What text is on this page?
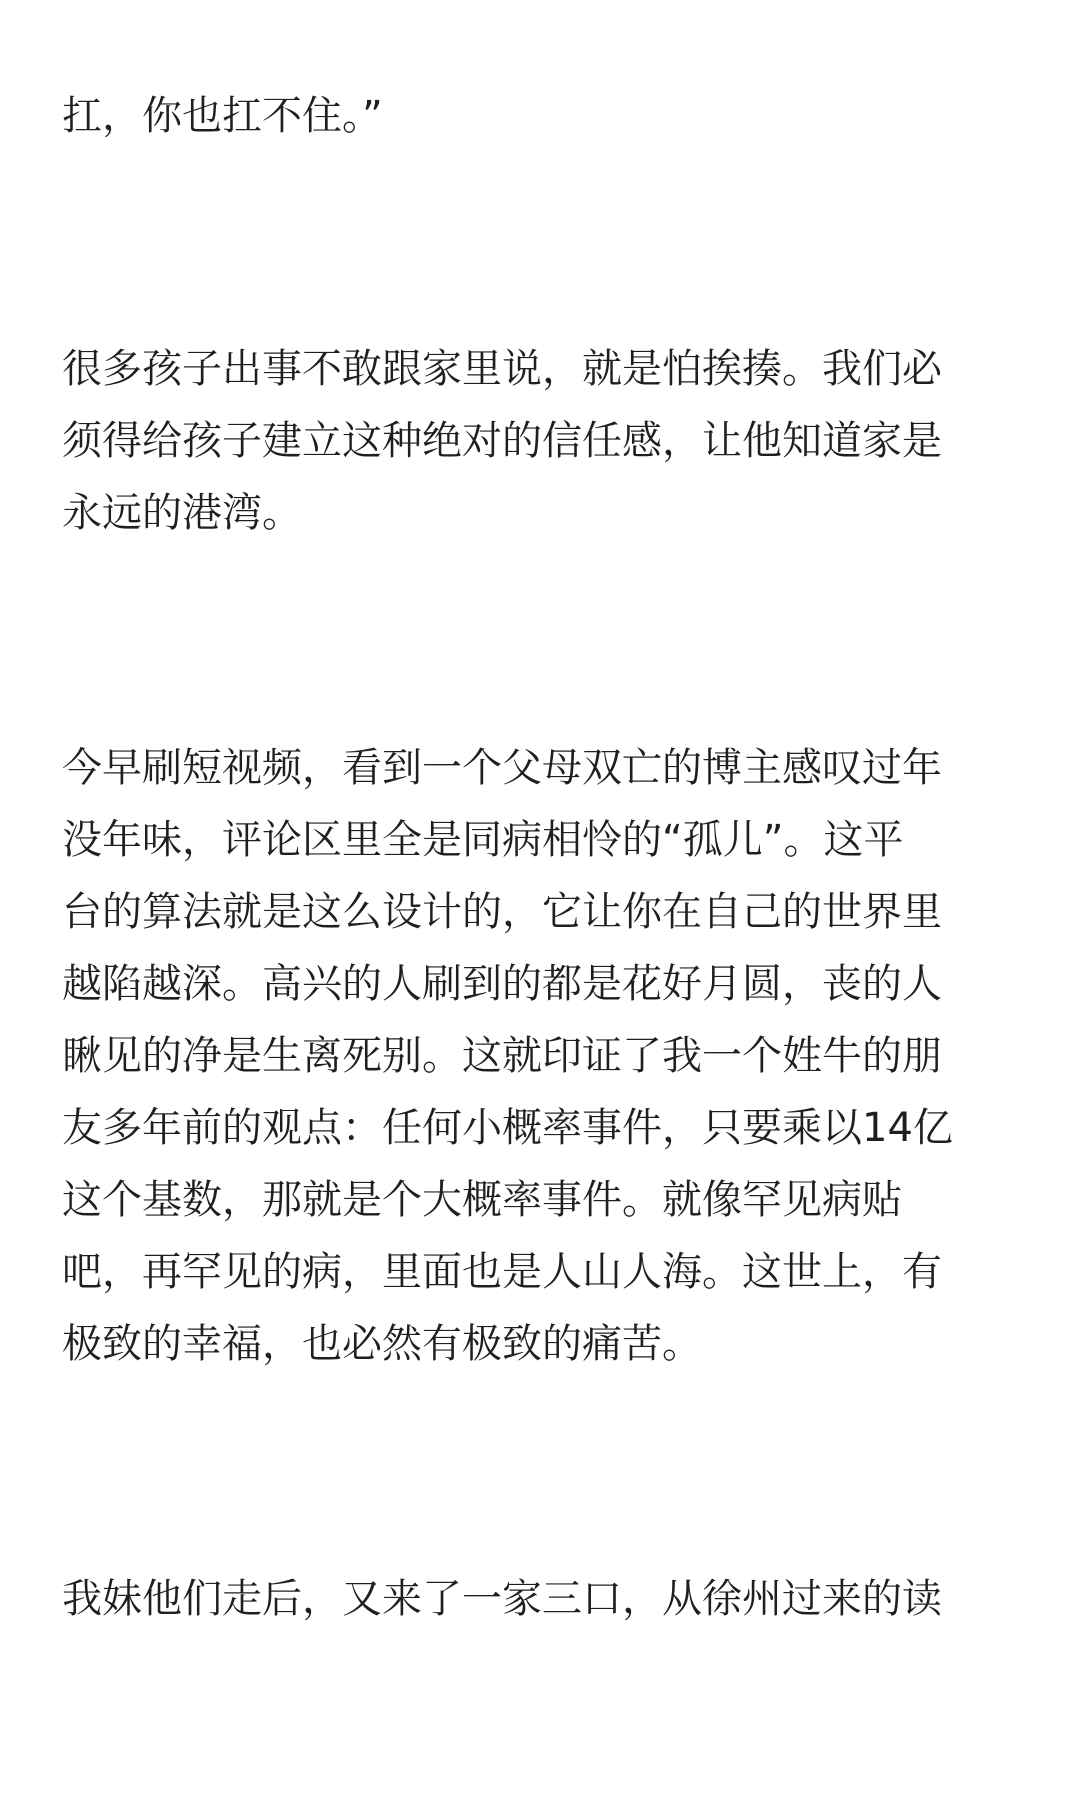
扛，你也扛不住。”

很多孩子出事不敢跟家里说，就是怕挨揍。我们必
须得给孩子建立这种绝对的信任感，让他知道家是
永远的港湾。

今早刷短视频，看到一个父母双亡的博主感叹过年
没年味，评论区里全是同病相怜的“孤儿”。这平
台的算法就是这么设计的，它让你在自己的世界里
越陷越深。高兴的人刷到的都是花好月圆，丧的人
瞅见的净是生离死别。这就印证了我一个姓牛的朋
友多年前的观点：任何小概率事件，只要乘以14亿
这个基数，那就是个大概率事件。就像罕见病贴
吧，再罕见的病，里面也是人山人海。这世上，有
极致的幸福，也必然有极致的痛苦。

我妹他们走后，又来了一家三口，从徐州过来的读
